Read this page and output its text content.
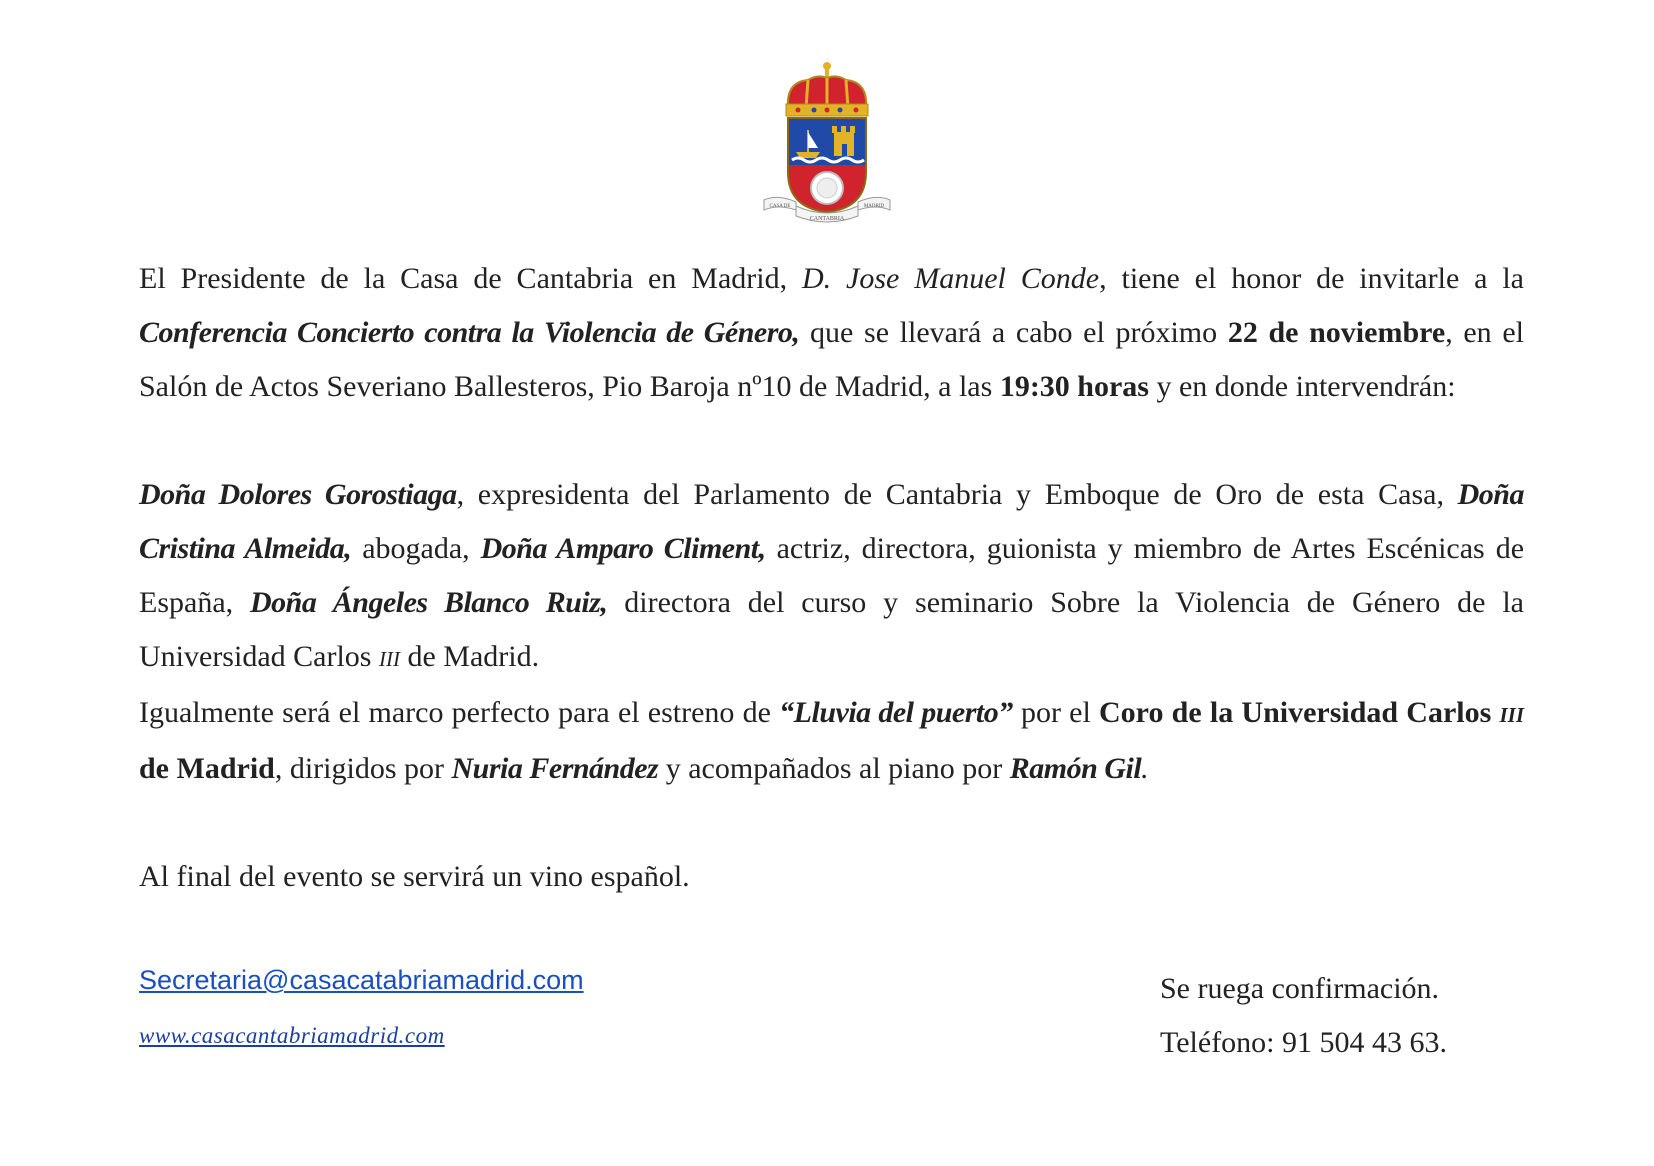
CASA DE
CANTABRIA
MADRID

El Presidente de la Casa de Cantabria en Madrid, D. Jose Manuel Conde, tiene el honor de invitarle a la Conferencia Concierto contra la Violencia de Género, que se llevará a cabo el próximo 22 de noviembre, en el Salón de Actos Severiano Ballesteros, Pio Baroja nº10 de Madrid, a las 19:30 horas y en donde intervendrán:

Doña Dolores Gorostiaga, expresidenta del Parlamento de Cantabria y Emboque de Oro de esta Casa, Doña Cristina Almeida, abogada, Doña Amparo Climent, actriz, directora, guionista y miembro de Artes Escénicas de España, Doña Ángeles Blanco Ruiz, directora del curso y seminario Sobre la Violencia de Género de la Universidad Carlos III de Madrid.

Igualmente será el marco perfecto para el estreno de “Lluvia del puerto” por el Coro de la Universidad Carlos III de Madrid, dirigidos por Nuria Fernández y acompañados al piano por Ramón Gil.

Al final del evento se servirá un vino español.

Secretaria@casacatabriamadrid.com
www.casacantabriamadrid.com
Se ruega confirmación.
Teléfono: 91 504 43 63.
